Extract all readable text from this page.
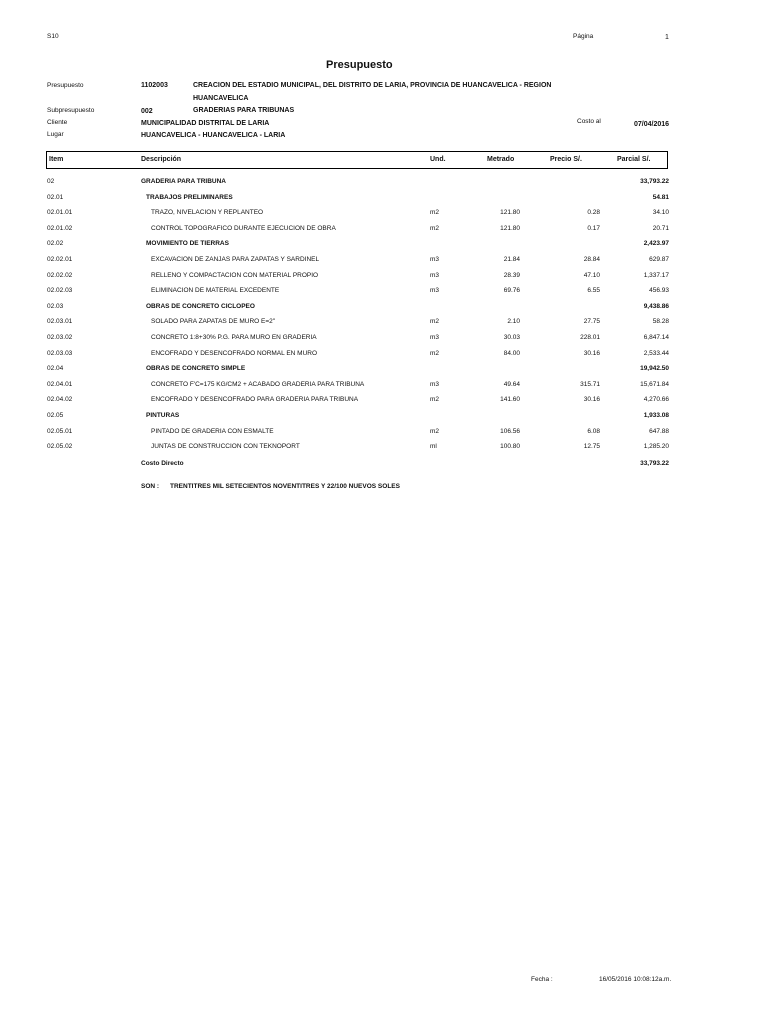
S10	Página	1
Presupuesto
Presupuesto	1102003	CREACION DEL ESTADIO MUNICIPAL, DEL DISTRITO DE LARIA, PROVINCIA DE HUANCAVELICA - REGION
HUANCAVELICA
Subpresupuesto	002	GRADERIAS PARA TRIBUNAS
Cliente	MUNICIPALIDAD DISTRITAL DE LARIA	Costo al	07/04/2016
Lugar	HUANCAVELICA - HUANCAVELICA - LARIA
Item	Descripción	Und.	Metrado	Precio S/.	Parcial S/.
02	GRADERIA PARA TRIBUNA	33,793.22
02.01	TRABAJOS PRELIMINARES	54.81
02.01.01	TRAZO, NIVELACION Y REPLANTEO	m2	121.80	0.28	34.10
02.01.02	CONTROL TOPOGRAFICO DURANTE EJECUCION DE OBRA	m2	121.80	0.17	20.71
02.02	MOVIMIENTO DE TIERRAS	2,423.97
02.02.01	EXCAVACION DE ZANJAS PARA ZAPATAS Y SARDINEL	m3	21.84	28.84	629.87
02.02.02	RELLENO Y COMPACTACION CON MATERIAL PROPIO	m3	28.39	47.10	1,337.17
02.02.03	ELIMINACION DE MATERIAL EXCEDENTE	m3	69.76	6.55	456.93
02.03	OBRAS DE CONCRETO CICLOPEO	9,438.86
02.03.01	SOLADO PARA ZAPATAS DE MURO E=2"	m2	2.10	27.75	58.28
02.03.02	CONCRETO 1:8+30% P.G. PARA MURO EN GRADERIA	m3	30.03	228.01	6,847.14
02.03.03	ENCOFRADO Y DESENCOFRADO NORMAL EN MURO	m2	84.00	30.16	2,533.44
02.04	OBRAS DE CONCRETO SIMPLE	19,942.50
02.04.01	CONCRETO F'C=175 KG/CM2 + ACABADO GRADERIA PARA TRIBUNA	m3	49.64	315.71	15,671.84
02.04.02	ENCOFRADO Y DESENCOFRADO PARA GRADERIA PARA TRIBUNA	m2	141.60	30.16	4,270.66
02.05	PINTURAS	1,933.08
02.05.01	PINTADO DE GRADERIA CON ESMALTE	m2	106.56	6.08	647.88
02.05.02	JUNTAS DE CONSTRUCCION CON TEKNOPORT	ml	100.80	12.75	1,285.20
Costo Directo	33,793.22
SON : TRENTITRES MIL SETECIENTOS NOVENTITRES Y 22/100 NUEVOS SOLES
Fecha :	16/05/2016 10:08:12a.m.
